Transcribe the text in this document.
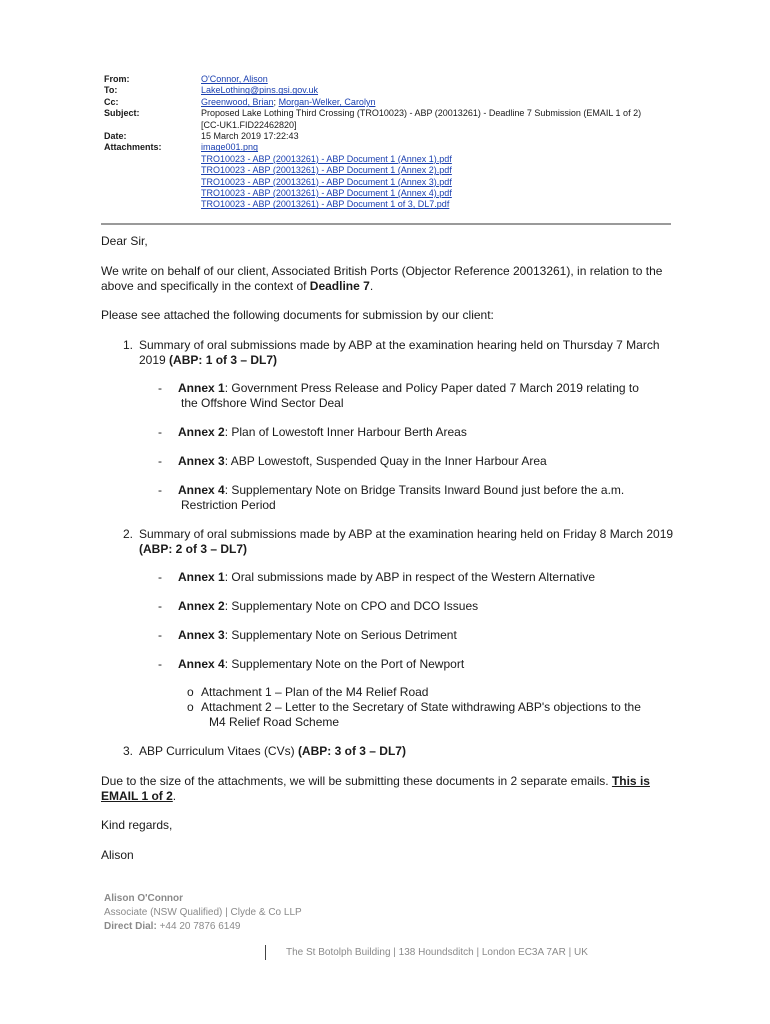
From:	O'Connor, Alison
To:	LakeLothing@pins.gsi.gov.uk
Cc:	Greenwood, Brian; Morgan-Welker, Carolyn
Subject:	Proposed Lake Lothing Third Crossing (TRO10023) - ABP (20013261) - Deadline 7 Submission (EMAIL 1 of 2)
[CC-UK1.FID22462820]
Date:	15 March 2019 17:22:43
Attachments:	image001.png
TRO10023 - ABP (20013261) - ABP Document 1 (Annex 1).pdf
TRO10023 - ABP (20013261) - ABP Document 1 (Annex 2).pdf
TRO10023 - ABP (20013261) - ABP Document 1 (Annex 3).pdf
TRO10023 - ABP (20013261) - ABP Document 1 (Annex 4).pdf
TRO10023 - ABP (20013261) - ABP Document 1 of 3, DL7.pdf

Dear Sir,

We write on behalf of our client, Associated British Ports (Objector Reference 20013261), in relation to the above and specifically in the context of Deadline 7.

Please see attached the following documents for submission by our client:

1. Summary of oral submissions made by ABP at the examination hearing held on Thursday 7 March 2019 (ABP: 1 of 3 – DL7)
-	Annex 1: Government Press Release and Policy Paper dated 7 March 2019 relating to
the Offshore Wind Sector Deal
-	Annex 2: Plan of Lowestoft Inner Harbour Berth Areas
-	Annex 3: ABP Lowestoft, Suspended Quay in the Inner Harbour Area
-	Annex 4: Supplementary Note on Bridge Transits Inward Bound just before the a.m.
Restriction Period
2. Summary of oral submissions made by ABP at the examination hearing held on Friday 8 March 2019 (ABP: 2 of 3 – DL7)
-	Annex 1: Oral submissions made by ABP in respect of the Western Alternative
-	Annex 2: Supplementary Note on CPO and DCO Issues
-	Annex 3: Supplementary Note on Serious Detriment
-	Annex 4: Supplementary Note on the Port of Newport
o Attachment 1 – Plan of the M4 Relief Road
o Attachment 2 – Letter to the Secretary of State withdrawing ABP's objections to the
M4 Relief Road Scheme
3. ABP Curriculum Vitaes (CVs) (ABP: 3 of 3 – DL7)

Due to the size of the attachments, we will be submitting these documents in 2 separate emails. This is EMAIL 1 of 2.

Kind regards,

Alison

Alison O'Connor
Associate (NSW Qualified) | Clyde & Co LLP
Direct Dial: +44 20 7876 6149
The St Botolph Building | 138 Houndsditch | London EC3A 7AR | UK
